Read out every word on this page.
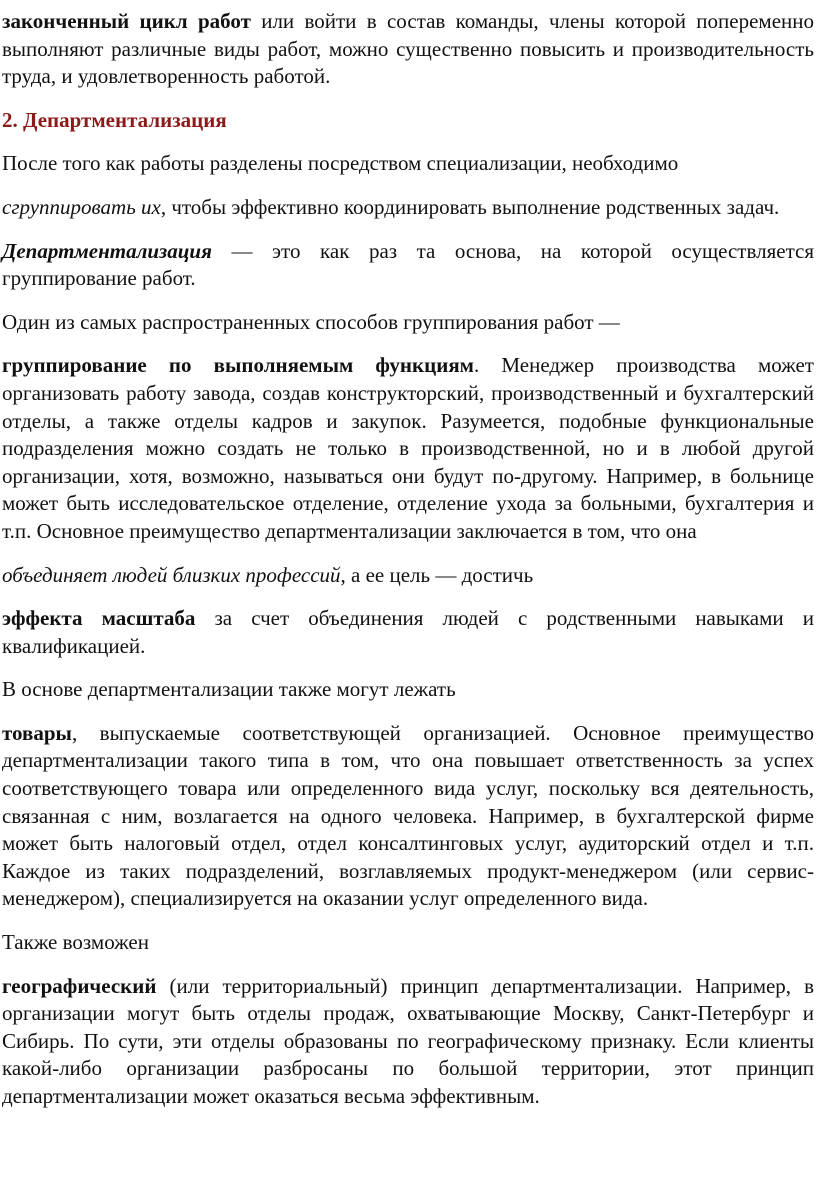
законченный цикл работ или войти в состав команды, члены которой попеременно выполняют различные виды работ, можно существенно повысить и производительность труда, и удовлетворенность работой.

2. Департментализация

После того как работы разделены посредством специализации, необходимо

сгруппировать их, чтобы эффективно координировать выполнение родственных задач.

Департментализация — это как раз та основа, на которой осуществляется группирование работ.

Один из самых распространенных способов группирования работ —

группирование по выполняемым функциям. Менеджер производства может организовать работу завода, создав конструкторский, производственный и бухгалтерский отделы, а также отделы кадров и закупок. Разумеется, подобные функциональные подразделения можно создать не только в производственной, но и в любой другой организации, хотя, возможно, называться они будут по-другому. Например, в больнице может быть исследовательское отделение, отделение ухода за больными, бухгалтерия и т.п. Основное преимущество департментализации заключается в том, что она

объединяет людей близких профессий, а ее цель — достичь

эффекта масштаба за счет объединения людей с родственными навыками и квалификацией.

В основе департментализации также могут лежать

товары, выпускаемые соответствующей организацией. Основное преимущество департментализации такого типа в том, что она повышает ответственность за успех соответствующего товара или определенного вида услуг, поскольку вся деятельность, связанная с ним, возлагается на одного человека. Например, в бухгалтерской фирме может быть налоговый отдел, отдел консалтинговых услуг, аудиторский отдел и т.п. Каждое из таких подразделений, возглавляемых продукт-менеджером (или сервис-менеджером), специализируется на оказании услуг определенного вида.

Также возможен

географический (или территориальный) принцип департментализации. Например, в организации могут быть отделы продаж, охватывающие Москву, Санкт-Петербург и Сибирь. По сути, эти отделы образованы по географическому признаку. Если клиенты какой-либо организации разбросаны по большой территории, этот принцип департментализации может оказаться весьма эффективным.
